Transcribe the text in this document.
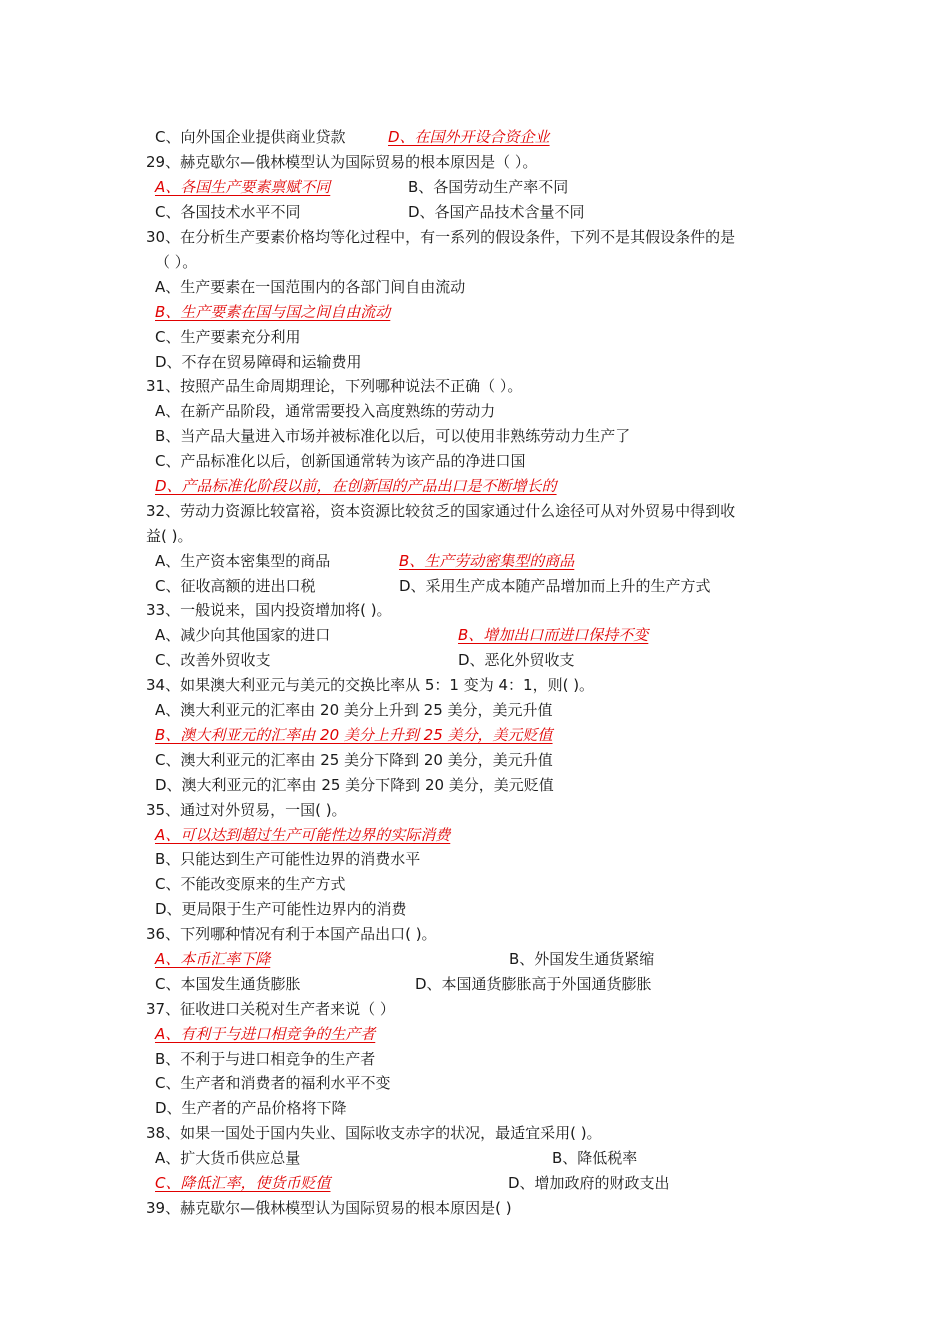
C、向外国企业提供商业贷款	D、在国外开设合资企业
29、赫克歇尔—俄林模型认为国际贸易的根本原因是（ ）。
A、各国生产要素禀赋不同	B、各国劳动生产率不同
C、各国技术水平不同	D、各国产品技术含量不同
30、在分析生产要素价格均等化过程中，有一系列的假设条件，下列不是其假设条件的是
（ ）。
A、生产要素在一国范围内的各部门间自由流动
B、生产要素在国与国之间自由流动
C、生产要素充分利用
D、不存在贸易障碍和运输费用
31、按照产品生命周期理论，下列哪种说法不正确（ ）。
A、在新产品阶段，通常需要投入高度熟练的劳动力
B、当产品大量进入市场并被标准化以后，可以使用非熟练劳动力生产了
C、产品标准化以后，创新国通常转为该产品的净进口国
D、产品标准化阶段以前，在创新国的产品出口是不断增长的
32、劳动力资源比较富裕，资本资源比较贫乏的国家通过什么途径可从对外贸易中得到收
益( )。
A、生产资本密集型的商品	B、生产劳动密集型的商品
C、征收高额的进出口税	D、采用生产成本随产品增加而上升的生产方式
33、一般说来，国内投资增加将( )。
A、减少向其他国家的进口	B、增加出口而进口保持不变
C、改善外贸收支	D、恶化外贸收支
34、如果澳大利亚元与美元的交换比率从 5：1 变为 4：1，则( )。
A、澳大利亚元的汇率由 20 美分上升到 25 美分，美元升值
B、澳大利亚元的汇率由 20 美分上升到 25 美分，美元贬值
C、澳大利亚元的汇率由 25 美分下降到 20 美分，美元升值
D、澳大利亚元的汇率由 25 美分下降到 20 美分，美元贬值
35、通过对外贸易，一国( )。
A、可以达到超过生产可能性边界的实际消费
B、只能达到生产可能性边界的消费水平
C、不能改变原来的生产方式
D、更局限于生产可能性边界内的消费
36、下列哪种情况有利于本国产品出口( )。
A、本币汇率下降	B、外国发生通货紧缩
C、本国发生通货膨胀	D、本国通货膨胀高于外国通货膨胀
37、征收进口关税对生产者来说（ ）
A、有利于与进口相竞争的生产者
B、不利于与进口相竞争的生产者
C、生产者和消费者的福利水平不变
D、生产者的产品价格将下降
38、如果一国处于国内失业、国际收支赤字的状况，最适宜采用( )。
A、扩大货币供应总量	B、降低税率
C、降低汇率，使货币贬值	D、增加政府的财政支出
39、赫克歇尔—俄林模型认为国际贸易的根本原因是( )
